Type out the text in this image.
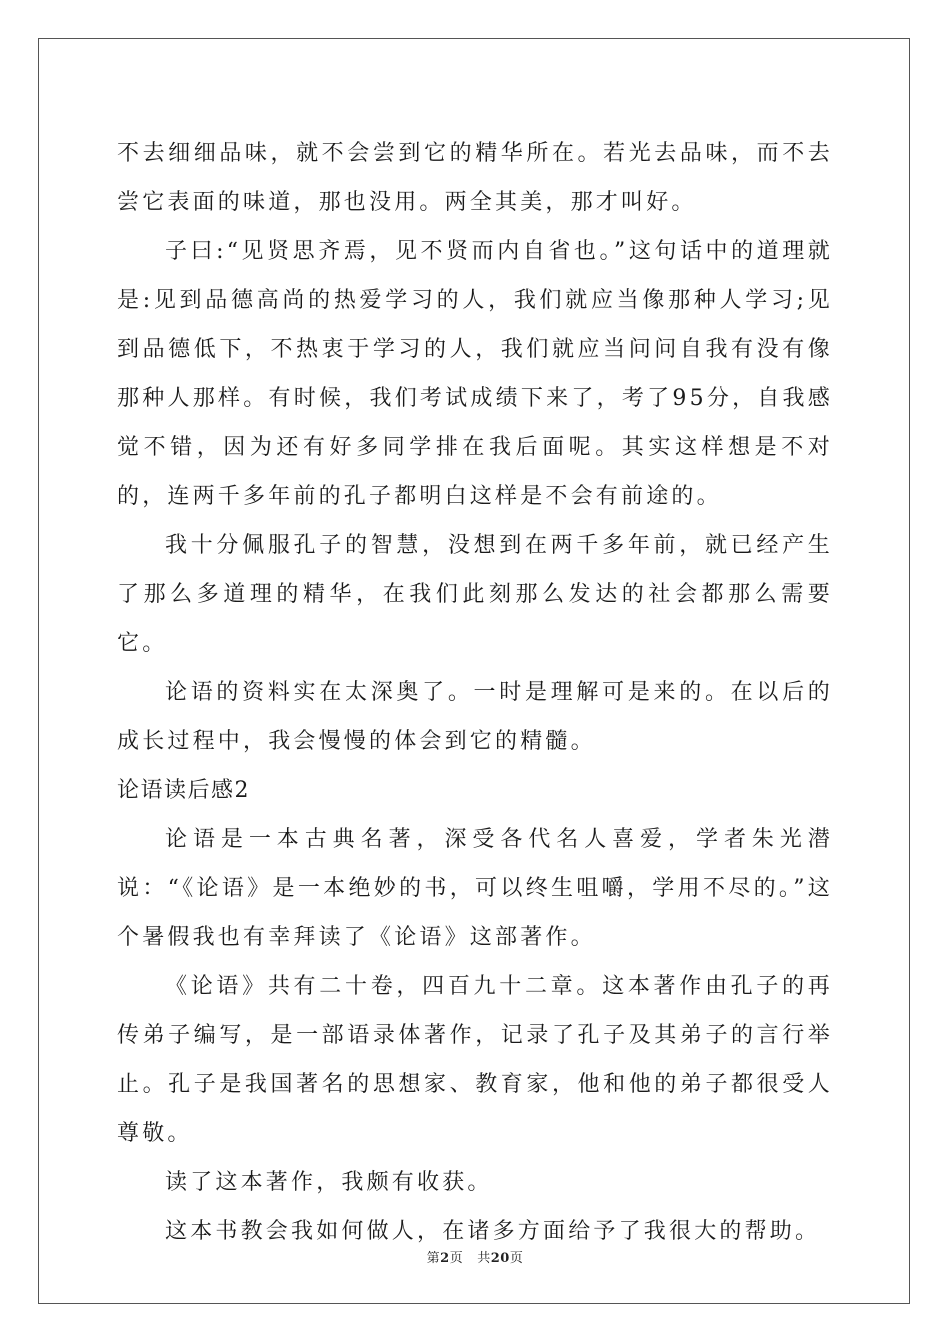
不去细细品味，就不会尝到它的精华所在。若光去品味，而不去尝它表面的味道，那也没用。两全其美，那才叫好。

子曰:“见贤思齐焉，见不贤而内自省也。”这句话中的道理就是:见到品德高尚的热爱学习的人，我们就应当像那种人学习;见到品德低下，不热衷于学习的人，我们就应当问问自我有没有像那种人那样。有时候，我们考试成绩下来了，考了95分，自我感觉不错，因为还有好多同学排在我后面呢。其实这样想是不对的，连两千多年前的孔子都明白这样是不会有前途的。

我十分佩服孔子的智慧，没想到在两千多年前，就已经产生了那么多道理的精华，在我们此刻那么发达的社会都那么需要它。

论语的资料实在太深奥了。一时是理解可是来的。在以后的成长过程中，我会慢慢的体会到它的精髓。

论语读后感2

论语是一本古典名著，深受各代名人喜爱，学者朱光潜说：“《论语》是一本绝妙的书，可以终生咀嚼，学用不尽的。”这个暑假我也有幸拜读了《论语》这部著作。

《论语》共有二十卷，四百九十二章。这本著作由孔子的再传弟子编写，是一部语录体著作，记录了孔子及其弟子的言行举止。孔子是我国著名的思想家、教育家，他和他的弟子都很受人尊敬。

读了这本著作，我颇有收获。

这本书教会我如何做人，在诸多方面给予了我很大的帮助。

第2页 共20页
